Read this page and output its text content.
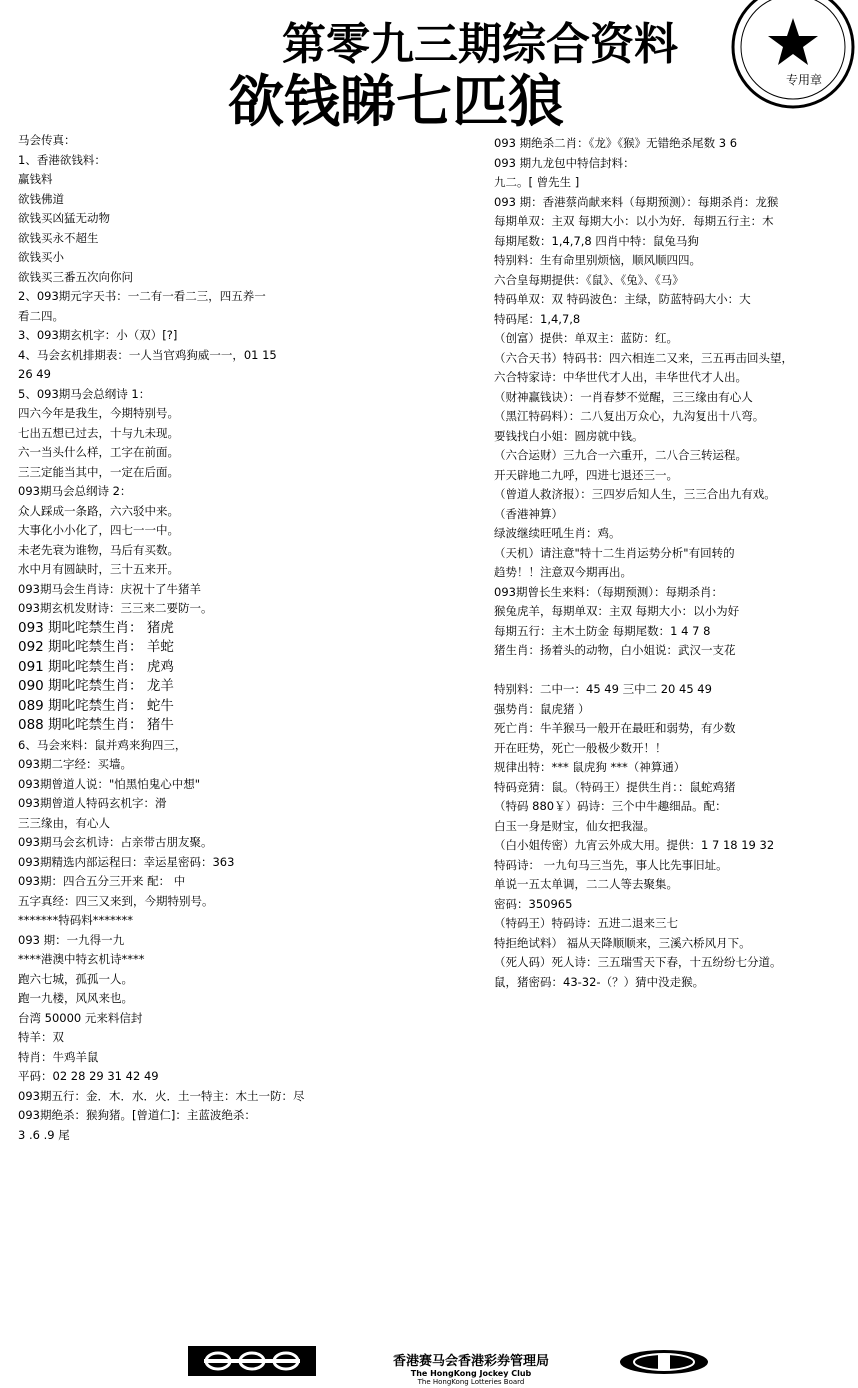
第零九三期综合资料
欲钱睇七匹狼	专用章
马会传真：
1、香港欲钱料：
赢钱料
欲钱佛道
欲钱买凶猛无动物
欲钱买永不超生
欲钱买小
欲钱买三番五次向你问
2、093期元字天书：一二有一看二三，四五养一
看二四。
3、093期玄机字：小（双）[?]
4、马会玄机排期表：一人当官鸡狗威一一，01 15
26 49
5、093期马会总纲诗 1：
四六今年是我生，今期特别号。
七出五想已过去，十与九未现。
六一当头什么样，工字在前面。
三三定能当其中，一定在后面。
093期马会总纲诗 2：
众人踩成一条路，六六驳中来。
大事化小小化了，四七一一中。
未老先衰为谁物，马后有买数。
水中月有圆缺时，三十五来开。
093期马会生肖诗：庆祝十了牛猪羊
093期玄机发财诗：三三来二要防一。
093 期叱咤禁生肖： 猪虎
092 期叱咤禁生肖： 羊蛇
091 期叱咤禁生肖： 虎鸡
090 期叱咤禁生肖： 龙羊
089 期叱咤禁生肖： 蛇牛
088 期叱咤禁生肖： 猪牛
6、马会来料：鼠并鸡来狗四三，
093期二字经：买墙。
093期曾道人说："怕黑怕鬼心中想"
093期曾道人特码玄机字：滑
三三缘由，有心人
093期马会玄机诗：占亲带古朋友聚。
093期精选内部运程曰：幸运星密码：363
093期：四合五分三开来 配： 中
五字真经：四三又来到，今期特别号。
*******特码料*******
093 期：一九得一九
****港澳中特玄机诗****
跑六七城，孤孤一人。
跑一九楼，风风来也。
台湾 50000 元来料信封
特羊：双
特肖：牛鸡羊鼠
平码：02 28 29 31 42 49
093期五行：金．木．水．火．土一特主：木土一防：尽
093期绝杀：猴狗猪。[曾道仁]：主蓝波绝杀：
3 .6 .9 尾
093 期绝杀二肖：《龙》《猴》无错绝杀尾数 3 6
093 期九龙包中特信封料：
九二。[ 曾先生 ]
093 期：香港蔡尚献来料（每期预测）：每期杀肖：龙猴
每期单双：主双 每期大小：以小为好．每期五行主：木
每期尾数：1,4,7,8 四肖中特：鼠兔马狗
特别料：生有命里别烦恼，顺风顺四四。
六合皇每期提供：《鼠》、《兔》、《马》
特码单双：双 特码波色：主绿，防蓝特码大小：大
特码尾：1,4,7,8
（创富）提供：单双主：蓝防：红。
（六合天书）特码书：四六相连二又来，三五再击回头望，
六合特家诗：中华世代才人出，丰华世代才人出。
（财神赢钱诀）：一肖春梦不觉醒，三三缘由有心人
（黑江特码料）：二八复出万众心，九沟复出十八弯。
要钱找白小姐：圆房就中钱。
（六合运财）三九合一六重开，二八合三转运程。
开天辟地二九呼，四进七退还三一。
（曾道人救济报）：三四岁后知人生，三三合出九有戏。
（香港神算）
绿波继续旺吼生肖：鸡。
（天机）请注意"特十二生肖运势分析"有回转的
趋势！！注意双今期再出。
093期曾长生来料：（每期预测）：每期杀肖：
猴兔虎羊，每期单双：主双 每期大小：以小为好
每期五行：主木土防金 每期尾数：1 4 7 8
猪生肖：扬着头的动物，白小姐说：武汉一支花
特别料：二中一：45 49 三中二 20 45 49
强势肖：鼠虎猪 ）
死亡肖：牛羊猴马一般开在最旺和弱势，有少数
开在旺势，死亡一般极少数开！！
规律出特：*** 鼠虎狗 ***（神算通）
特码竞猜：鼠。（特码王）提供生肖：：鼠蛇鸡猪
（特码 880￥）码诗：三个中牛趣细品。配：
白玉一身是财宝，仙女把我湿。
（白小姐传密）九宵云外成大用。提供：1 7 18 19 32
特码诗： 一九句马三当先，事人比先事旧址。
单说一五太单调，二二人等去聚集。
密码：350965
（特码王）特码诗：五进二退来三七
特拒绝试料） 福从天降顺顺来，三溪六桥风月下。
（死人码）死人诗：三五瑞雪天下春，十五纷纷七分道。
鼠，猪密码：43-32-（？）猜中没走猴。
香港赛马会香港彩券管理局
The HongKong Jockey Club
The HongKong Lotteries Board
